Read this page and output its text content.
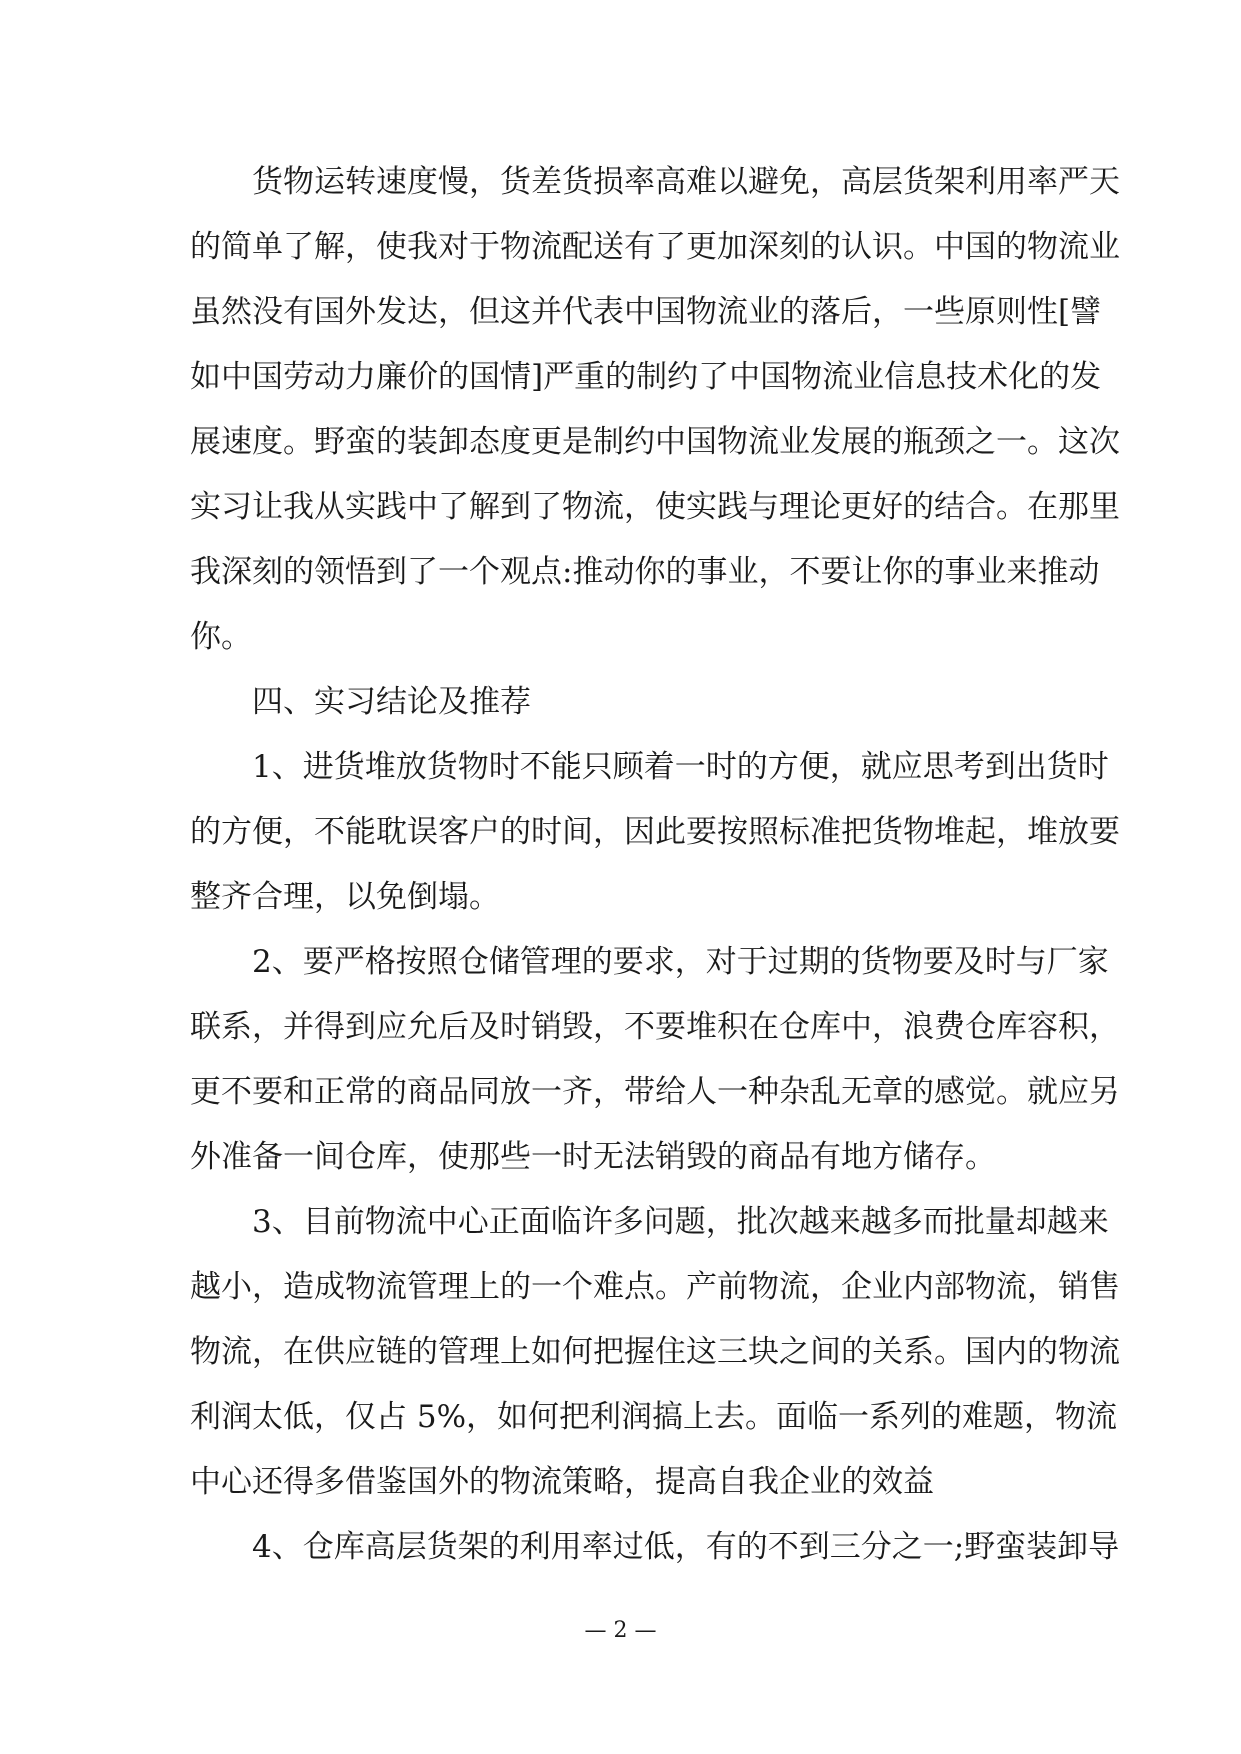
货物运转速度慢，货差货损率高难以避免，高层货架利用率严天
的简单了解，使我对于物流配送有了更加深刻的认识。中国的物流业
虽然没有国外发达，但这并代表中国物流业的落后，一些原则性[譬
如中国劳动力廉价的国情]严重的制约了中国物流业信息技术化的发
展速度。野蛮的装卸态度更是制约中国物流业发展的瓶颈之一。这次
实习让我从实践中了解到了物流，使实践与理论更好的结合。在那里
我深刻的领悟到了一个观点:推动你的事业，不要让你的事业来推动
你。
四、实习结论及推荐
1、进货堆放货物时不能只顾着一时的方便，就应思考到出货时
的方便，不能耽误客户的时间，因此要按照标准把货物堆起，堆放要
整齐合理，以免倒塌。
2、要严格按照仓储管理的要求，对于过期的货物要及时与厂家
联系，并得到应允后及时销毁，不要堆积在仓库中，浪费仓库容积，
更不要和正常的商品同放一齐，带给人一种杂乱无章的感觉。就应另
外准备一间仓库，使那些一时无法销毁的商品有地方储存。
3、目前物流中心正面临许多问题，批次越来越多而批量却越来
越小，造成物流管理上的一个难点。产前物流，企业内部物流，销售
物流，在供应链的管理上如何把握住这三块之间的关系。国内的物流
利润太低，仅占 5%，如何把利润搞上去。面临一系列的难题，物流
中心还得多借鉴国外的物流策略，提高自我企业的效益
4、仓库高层货架的利用率过低，有的不到三分之一;野蛮装卸导
— 2 —
